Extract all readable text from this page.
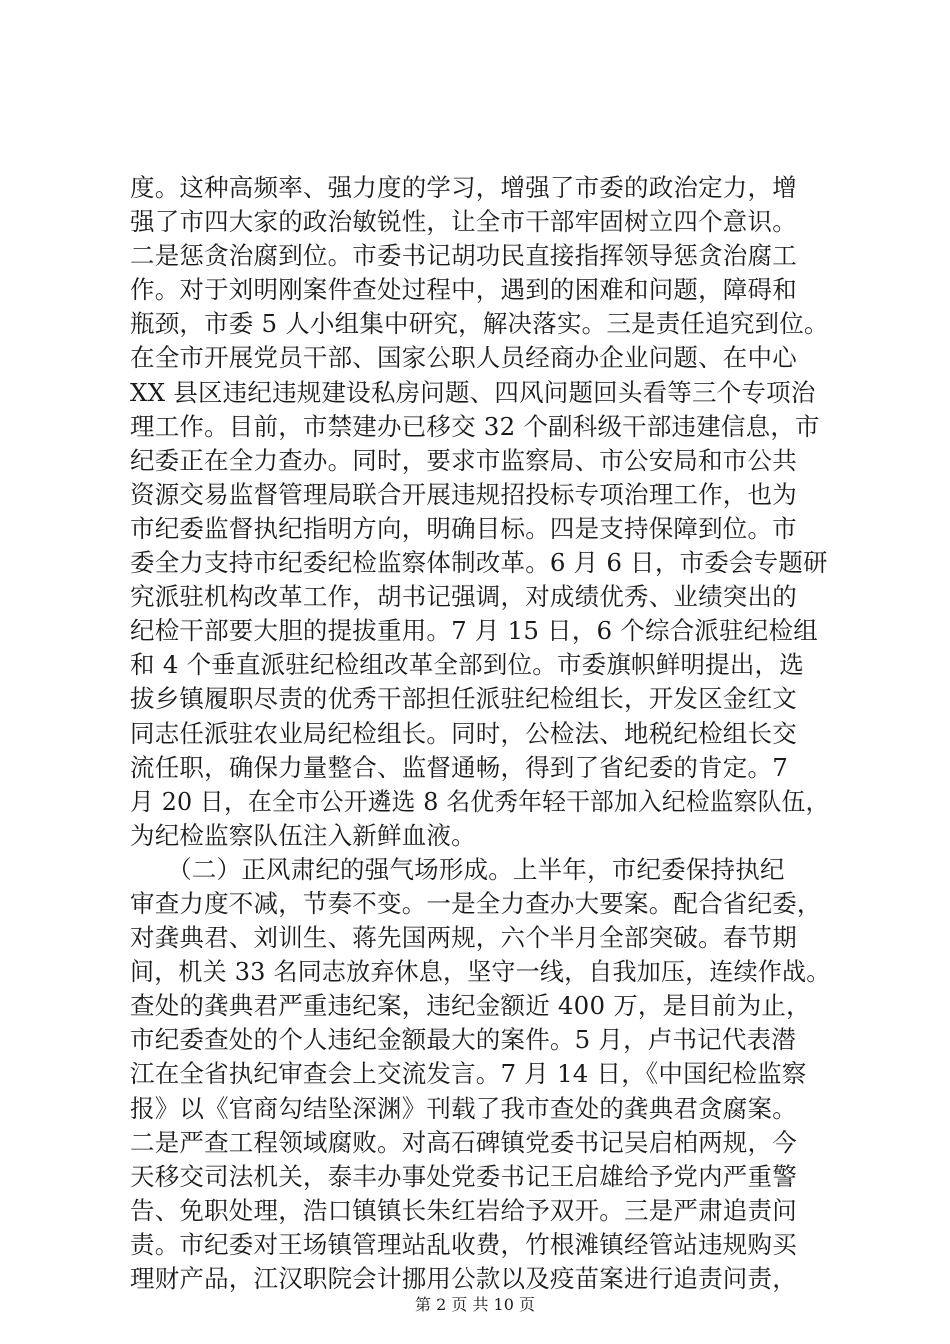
度。这种高频率、强力度的学习，增强了市委的政治定力，增
强了市四大家的政治敏锐性，让全市干部牢固树立四个意识。
二是惩贪治腐到位。市委书记胡功民直接指挥领导惩贪治腐工
作。对于刘明刚案件查处过程中，遇到的困难和问题，障碍和
瓶颈，市委 5 人小组集中研究，解决落实。三是责任追究到位。
在全市开展党员干部、国家公职人员经商办企业问题、在中心
XX 县区违纪违规建设私房问题、四风问题回头看等三个专项治
理工作。目前，市禁建办已移交 32 个副科级干部违建信息，市
纪委正在全力查办。同时，要求市监察局、市公安局和市公共
资源交易监督管理局联合开展违规招投标专项治理工作，也为
市纪委监督执纪指明方向，明确目标。四是支持保障到位。市
委全力支持市纪委纪检监察体制改革。6 月 6 日，市委会专题研
究派驻机构改革工作，胡书记强调，对成绩优秀、业绩突出的
纪检干部要大胆的提拔重用。7 月 15 日，6 个综合派驻纪检组
和 4 个垂直派驻纪检组改革全部到位。市委旗帜鲜明提出，选
拔乡镇履职尽责的优秀干部担任派驻纪检组长，开发区金红文
同志任派驻农业局纪检组长。同时，公检法、地税纪检组长交
流任职，确保力量整合、监督通畅，得到了省纪委的肯定。7
月 20 日，在全市公开遴选 8 名优秀年轻干部加入纪检监察队伍，
为纪检监察队伍注入新鲜血液。
　　（二）正风肃纪的强气场形成。上半年，市纪委保持执纪
审查力度不减，节奏不变。一是全力查办大要案。配合省纪委，
对龚典君、刘训生、蒋先国两规，六个半月全部突破。春节期
间，机关 33 名同志放弃休息，坚守一线，自我加压，连续作战。
查处的龚典君严重违纪案，违纪金额近 400 万，是目前为止，
市纪委查处的个人违纪金额最大的案件。5 月，卢书记代表潜
江在全省执纪审查会上交流发言。7 月 14 日，《中国纪检监察
报》以《官商勾结坠深渊》刊载了我市查处的龚典君贪腐案。
二是严查工程领域腐败。对高石碑镇党委书记吴启柏两规，今
天移交司法机关，泰丰办事处党委书记王启雄给予党内严重警
告、免职处理，浩口镇镇长朱红岩给予双开。三是严肃追责问
责。市纪委对王场镇管理站乱收费，竹根滩镇经管站违规购买
理财产品，江汉职院会计挪用公款以及疫苗案进行追责问责，
第 2 页 共 10 页
